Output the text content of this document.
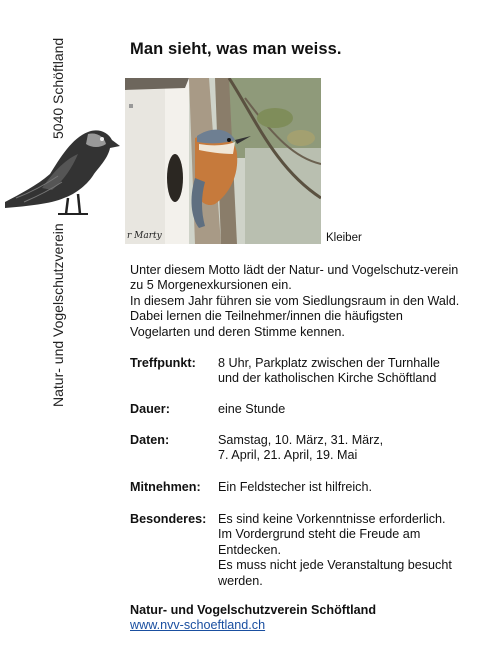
Natur- und Vogelschutzverein
5040 Schöftland	Man sieht, was man weiss.
r Marty	Kleiber

Unter diesem Motto lädt der Natur- und Vogelschutz-verein zu 5 Morgenexkursionen ein.

In diesem Jahr führen sie vom Siedlungsraum in den Wald. Dabei lernen die Teilnehmer/innen die häufigsten Vogelarten und deren Stimme kennen.

Treffpunkt:	8 Uhr, Parkplatz zwischen der Turnhalle
und der katholischen Kirche Schöftland
Dauer:	eine Stunde
Daten:	Samstag, 10. März, 31. März,
7. April, 21. April, 19. Mai
Mitnehmen:	Ein Feldstecher ist hilfreich.
Besonderes: Es sind keine Vorkenntnisse erforderlich.
Im Vordergrund steht die Freude am
Entdecken.
Es muss nicht jede Veranstaltung besucht
werden.
Natur- und Vogelschutzverein Schöftland
www.nvv-schoeftland.ch
